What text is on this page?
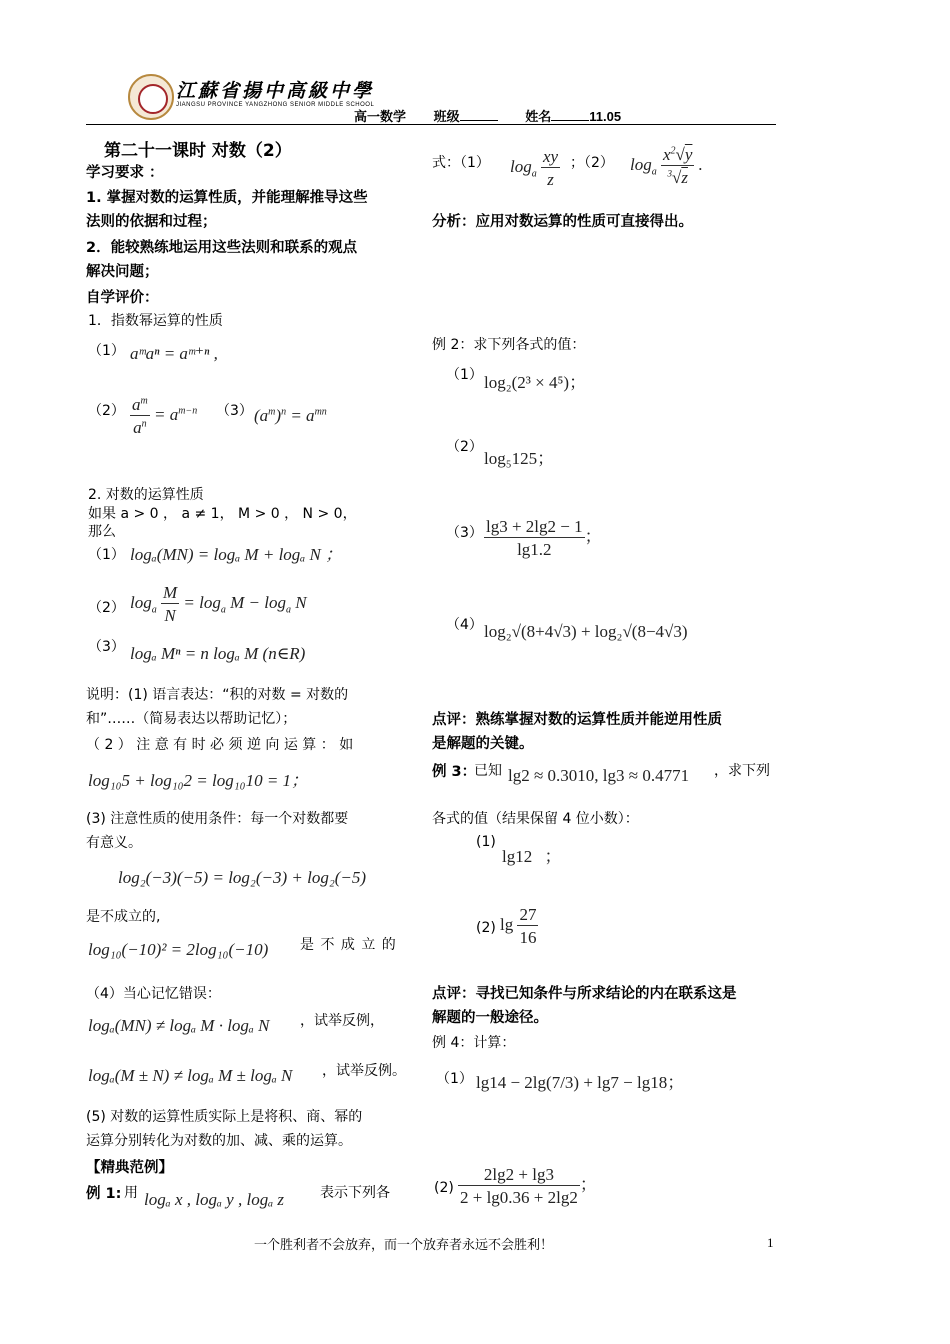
江蘇省揚中高級中學
JIANGSU PROVINCE YANGZHONG SENIOR MIDDLE SCHOOL
高一数学 班级	姓名	11.05
第二十一课时 对数（2）
学习要求 ：
1. 掌握对数的运算性质，并能理解推导这些
法则的依据和过程；
2．能较熟练地运用这些法则和联系的观点
解决问题；
自学评价：
1．指数幂运算的性质
（1） aᵐaⁿ = aᵐ⁺ⁿ ,
$(2) \frac{a^m}{a^n} = a^{m-n}$ （3） $(a^m)^n = a^{mn}$
2. 对数的运算性质
如果 a > 0 ， a ≠ 1， M > 0 ， N > 0，
那么
（1） logₐ(MN) = logₐ M + logₐ N ；
（2） $\log_a \frac{M}{N} = \log_a M - \log_a N$
（3） logₐ Mⁿ = n logₐ M (n∈R)
说明：(1) 语言表达：“积的对数 = 对数的
和”……（简易表达以帮助记忆）；
（ 2 ） 注 意 有 时 必 须 逆 向 运 算 ： 如
log₁₀5 + log₁₀2 = log₁₀10 = 1；
(3) 注意性质的使用条件：每一个对数都要
有意义。
log₂(−3)(−5) = log₂(−3) + log₂(−5)
是不成立的,
log₁₀(−10)² = 2log₁₀(−10) 是 不 成 立 的
（4）当心记忆错误：
logₐ(MN) ≠ logₐ M · logₐ N ，试举反例，
logₐ(M ± N) ≠ logₐ M ± logₐ N ，试举反例。
(5) 对数的运算性质实际上是将积、商、幂的
运算分别转化为对数的加、减、乘的运算。
【精典范例】
例 1: 用 logₐ x , logₐ y , logₐ z	表示下列各
式：（1） $\log_a \frac{xy}{z}$ ；（2） $\log_a \frac{x^2√y}{^3√z}$ .
分析：应用对数运算的性质可直接得出。
例 2：求下列各式的值：
（1） log₂(2³ × 4⁵)；
（2）
log₅125；
$(3) \frac{\lg 3 + 2\lg 2 - 1}{\lg 1.2}$ ；
（4） log₂√(8+4√3) + log₂√(8−4√3)
点评：熟练掌握对数的运算性质并能逆用性质
是解题的关键。
例 3：
已知 lg2 ≈ 0.3010, lg3 ≈ 0.4771 ，求下列
各式的值（结果保留 4 位小数）：
(1)
lg12 ；
(2) $\lg \frac{27}{16}$
点评：寻找已知条件与所求结论的内在联系这是
解题的一般途径。
例 4：计算：
（1） lg14 − 2lg(7/3) + lg7 − lg18；
$(2) \frac{2\lg 2 + \lg 3}{2 + \lg 0.36 + 2\lg 2}$ ；
一个胜利者不会放弃，而一个放弃者永远不会胜利！	1
